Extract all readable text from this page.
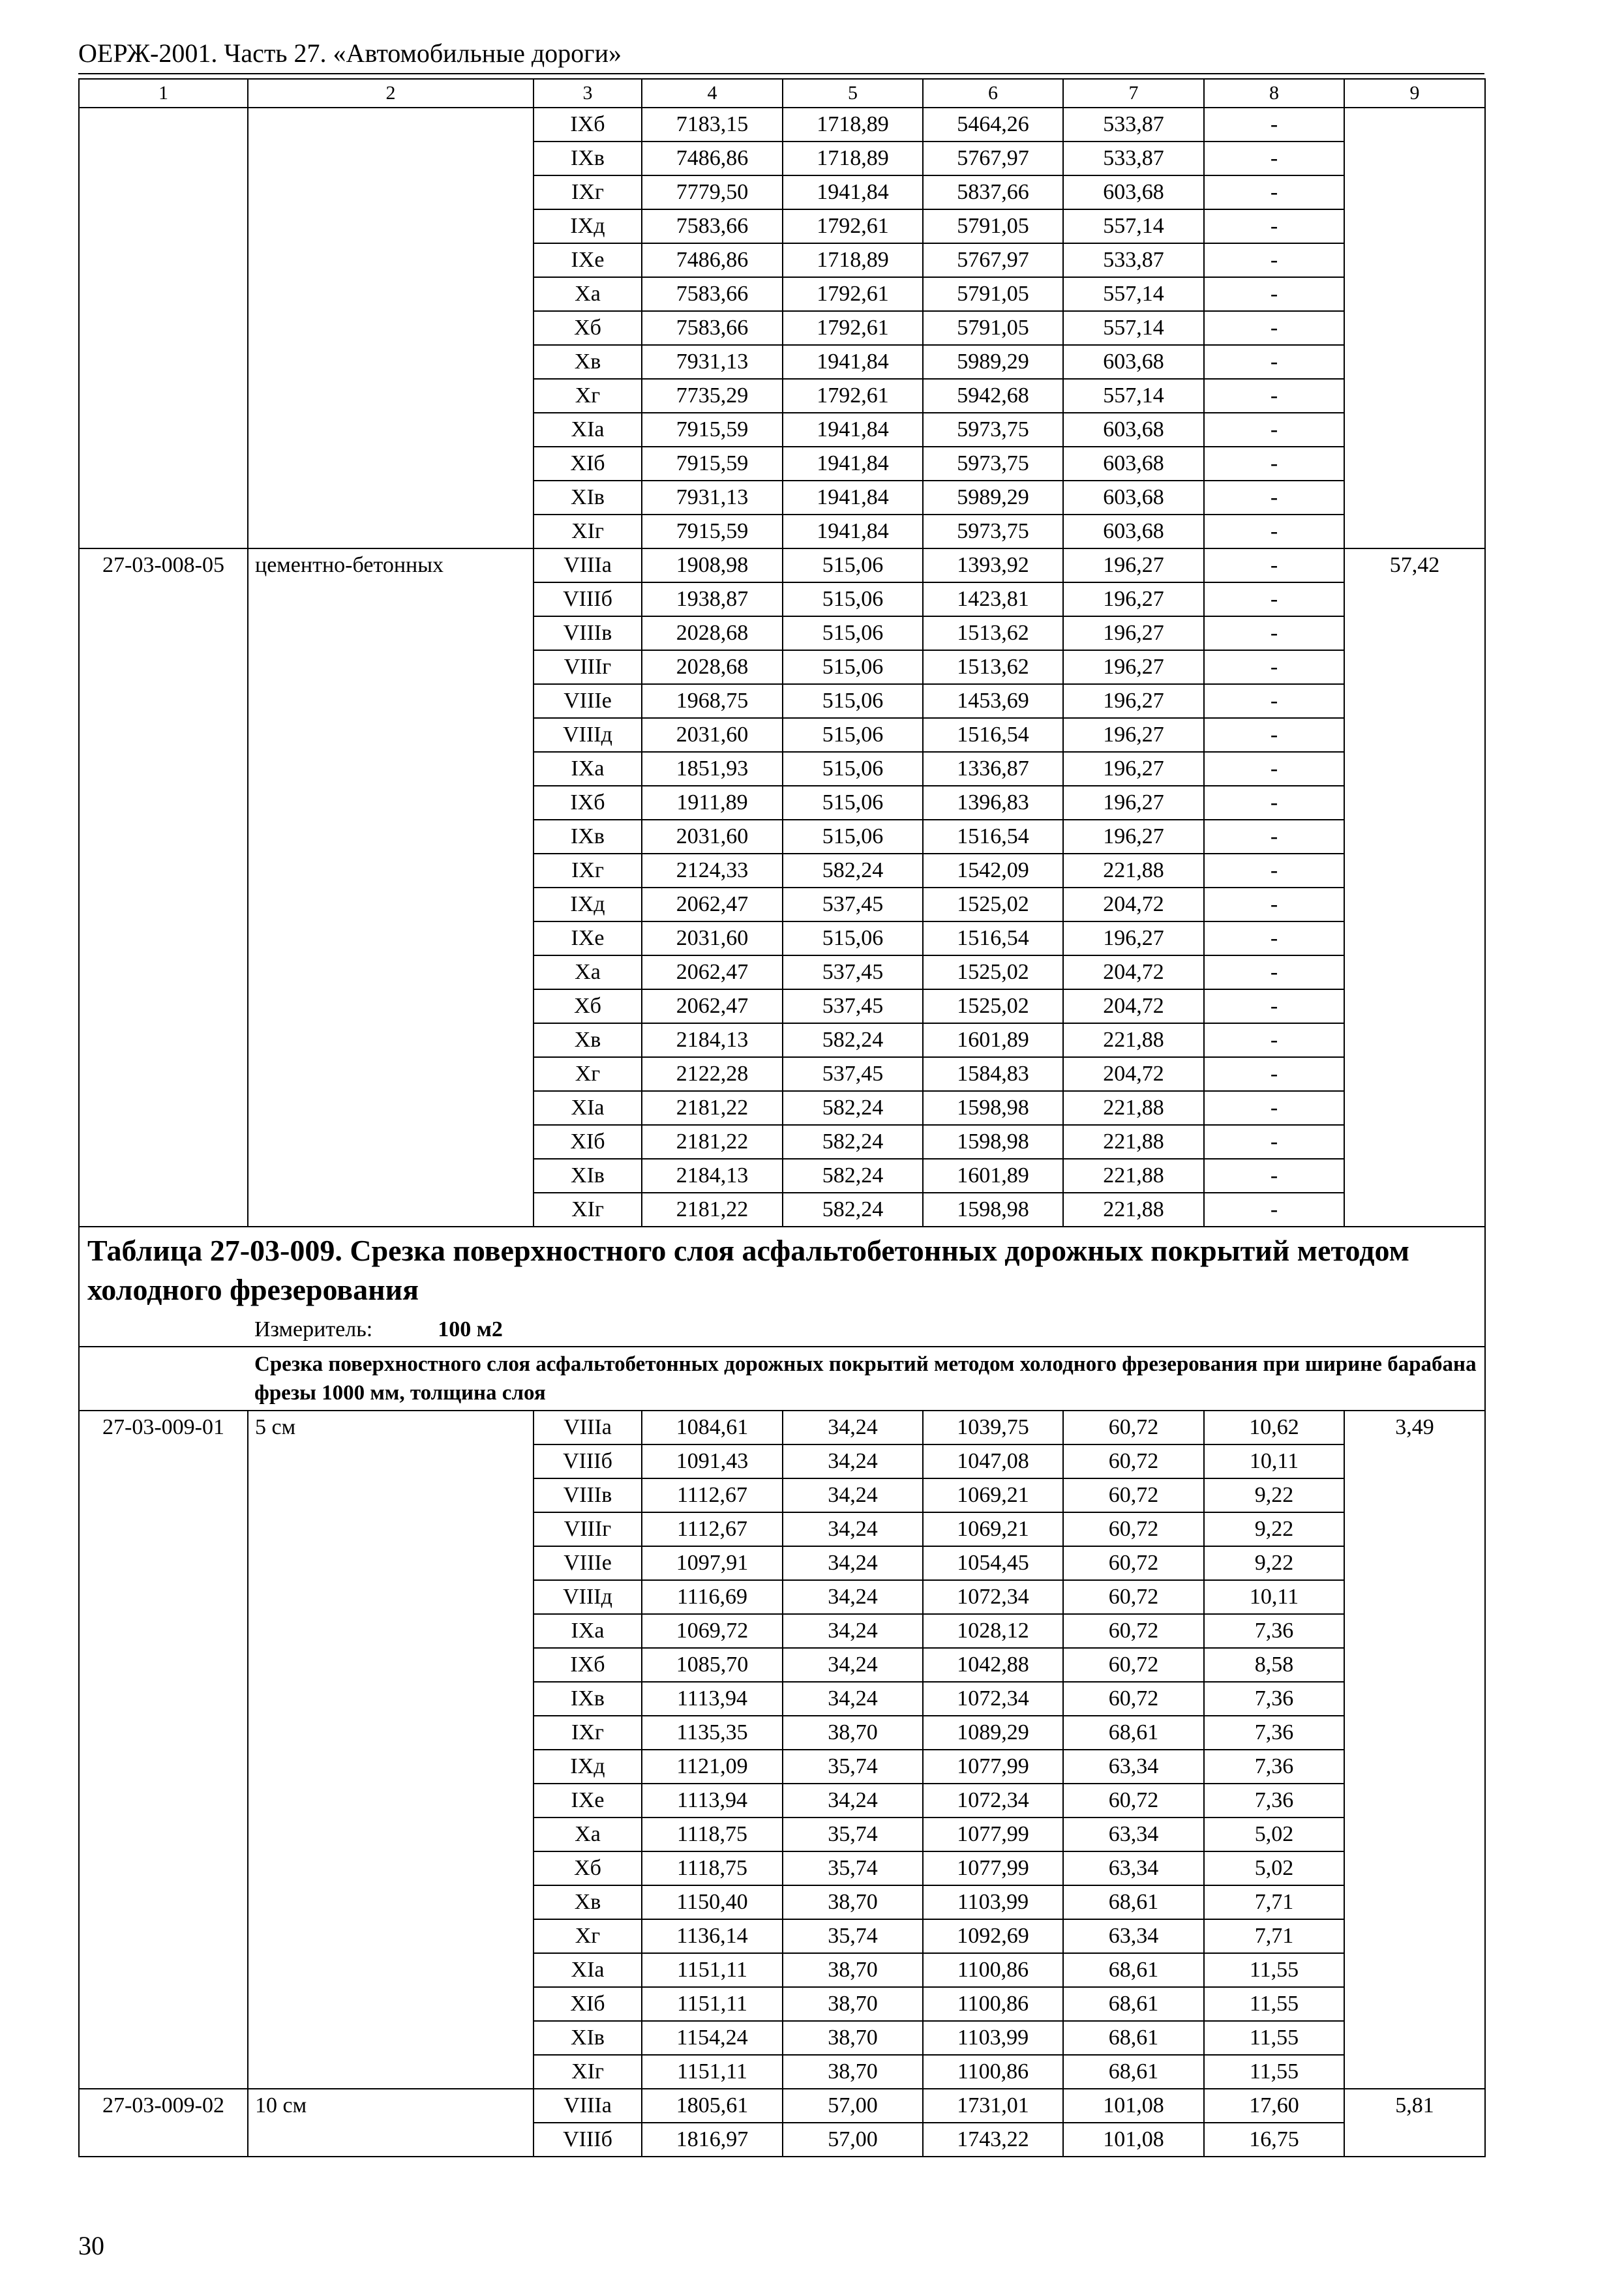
ОЕРЖ-2001. Часть 27. «Автомобильные дороги»
1	2	3	4	5	6	7	8	9
		IXб	7183,15	1718,89	5464,26	533,87	-	
		IXв	7486,86	1718,89	5767,97	533,87	-	
		IXг	7779,50	1941,84	5837,66	603,68	-	
		IXд	7583,66	1792,61	5791,05	557,14	-	
		IXе	7486,86	1718,89	5767,97	533,87	-	
		Xа	7583,66	1792,61	5791,05	557,14	-	
		Xб	7583,66	1792,61	5791,05	557,14	-	
		Xв	7931,13	1941,84	5989,29	603,68	-	
		Xг	7735,29	1792,61	5942,68	557,14	-	
		XIа	7915,59	1941,84	5973,75	603,68	-	
		XIб	7915,59	1941,84	5973,75	603,68	-	
		XIв	7931,13	1941,84	5989,29	603,68	-	
		XIг	7915,59	1941,84	5973,75	603,68	-	
27-03-008-05	цементно-бетонных	VIIIа	1908,98	515,06	1393,92	196,27	-	57,42
		VIIIб	1938,87	515,06	1423,81	196,27	-	
		VIIIв	2028,68	515,06	1513,62	196,27	-	
		VIIIг	2028,68	515,06	1513,62	196,27	-	
		VIIIе	1968,75	515,06	1453,69	196,27	-	
		VIIIд	2031,60	515,06	1516,54	196,27	-	
		IXа	1851,93	515,06	1336,87	196,27	-	
		IXб	1911,89	515,06	1396,83	196,27	-	
		IXв	2031,60	515,06	1516,54	196,27	-	
		IXг	2124,33	582,24	1542,09	221,88	-	
		IXд	2062,47	537,45	1525,02	204,72	-	
		IXе	2031,60	515,06	1516,54	196,27	-	
		Xа	2062,47	537,45	1525,02	204,72	-	
		Xб	2062,47	537,45	1525,02	204,72	-	
		Xв	2184,13	582,24	1601,89	221,88	-	
		Xг	2122,28	537,45	1584,83	204,72	-	
		XIа	2181,22	582,24	1598,98	221,88	-	
		XIб	2181,22	582,24	1598,98	221,88	-	
		XIв	2184,13	582,24	1601,89	221,88	-	
		XIг	2181,22	582,24	1598,98	221,88	-	
Таблица 27-03-009. Срезка поверхностного слоя асфальтобетонных дорожных покрытий методом холодного фрезерования								
	Измеритель: 100 м2							
	Срезка поверхностного слоя асфальтобетонных дорожных покрытий методом холодного фрезерования при ширине барабана фрезы 1000 мм, толщина слоя							
27-03-009-01	5 см	VIIIа	1084,61	34,24	1039,75	60,72	10,62	3,49
		VIIIб	1091,43	34,24	1047,08	60,72	10,11	
		VIIIв	1112,67	34,24	1069,21	60,72	9,22	
		VIIIг	1112,67	34,24	1069,21	60,72	9,22	
		VIIIе	1097,91	34,24	1054,45	60,72	9,22	
		VIIIд	1116,69	34,24	1072,34	60,72	10,11	
		IXа	1069,72	34,24	1028,12	60,72	7,36	
		IXб	1085,70	34,24	1042,88	60,72	8,58	
		IXв	1113,94	34,24	1072,34	60,72	7,36	
		IXг	1135,35	38,70	1089,29	68,61	7,36	
		IXд	1121,09	35,74	1077,99	63,34	7,36	
		IXе	1113,94	34,24	1072,34	60,72	7,36	
		Xа	1118,75	35,74	1077,99	63,34	5,02	
		Xб	1118,75	35,74	1077,99	63,34	5,02	
		Xв	1150,40	38,70	1103,99	68,61	7,71	
		Xг	1136,14	35,74	1092,69	63,34	7,71	
		XIа	1151,11	38,70	1100,86	68,61	11,55	
		XIб	1151,11	38,70	1100,86	68,61	11,55	
		XIв	1154,24	38,70	1103,99	68,61	11,55	
		XIг	1151,11	38,70	1100,86	68,61	11,55	
27-03-009-02	10 см	VIIIа	1805,61	57,00	1731,01	101,08	17,60	5,81
		VIIIб	1816,97	57,00	1743,22	101,08	16,75	
30
